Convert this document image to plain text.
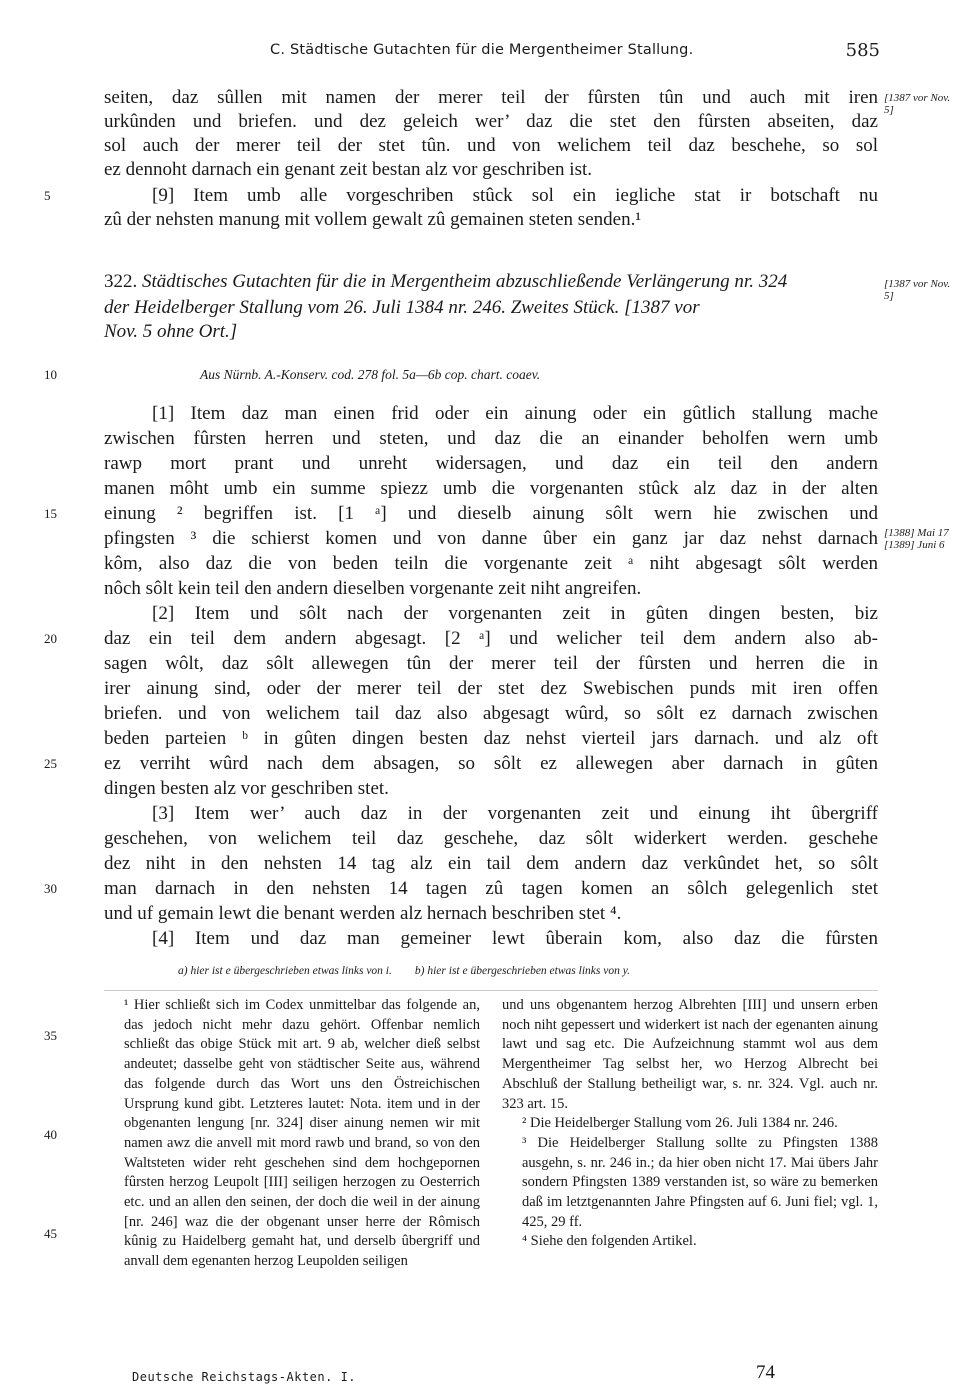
C. Städtische Gutachten für die Mergentheimer Stallung.	585
seiten, daz sûllen mit namen der merer teil der fûrsten tûn und auch mit iren
urkûnden und briefen. und dez geleich wer’ daz die stet den fûrsten abseiten, daz
sol auch der merer teil der stet tûn. und von welichem teil daz beschehe, so sol
ez dennoht darnach ein genant zeit bestan alz vor geschriben ist.
[9] Item umb alle vorgeschriben stûck sol ein iegliche stat ir botschaft nu
zû der nehsten manung mit vollem gewalt zû gemainen steten senden.¹
322. Städtisches Gutachten für die in Mergentheim abzuschließende Verlängerung nr. 324
der Heidelberger Stallung vom 26. Juli 1384 nr. 246. Zweites Stück. [1387 vor
Nov. 5 ohne Ort.]
Aus Nürnb. A.-Konserv. cod. 278 fol. 5a—6b cop. chart. coaev.
[1] Item daz man einen frid oder ein ainung oder ein gûtlich stallung mache
zwischen fûrsten herren und steten, und daz die an einander beholfen wern umb
rawp mort prant und unreht widersagen, und daz ein teil den andern
manen môht umb ein summe spiezz umb die vorgenanten stûck alz daz in der alten
einung ² begriffen ist. [1 ᵃ] und dieselb ainung sôlt wern hie zwischen und
pfingsten ³ die schierst komen und von danne ûber ein ganz jar daz nehst darnach
kôm, also daz die von beden teiln die vorgenante zeit ᵃ niht abgesagt sôlt werden
nôch sôlt kein teil den andern dieselben vorgenante zeit niht angreifen.
[2] Item und sôlt nach der vorgenanten zeit in gûten dingen besten, biz
daz ein teil dem andern abgesagt. [2 ᵃ] und welicher teil dem andern also ab-
sagen wôlt, daz sôlt allewegen tûn der merer teil der fûrsten und herren die in
irer ainung sind, oder der merer teil der stet dez Swebischen punds mit iren offen
briefen. und von welichem tail daz also abgesagt wûrd, so sôlt ez darnach zwischen
beden parteien ᵇ in gûten dingen besten daz nehst vierteil jars darnach. und alz oft
ez verriht wûrd nach dem absagen, so sôlt ez allewegen aber darnach in gûten
dingen besten alz vor geschriben stet.
[3] Item wer’ auch daz in der vorgenanten zeit und einung iht ûbergriff
geschehen, von welichem teil daz geschehe, daz sôlt widerkert werden. geschehe
dez niht in den nehsten 14 tag alz ein tail dem andern daz verkûndet het, so sôlt
man darnach in den nehsten 14 tagen zû tagen komen an sôlch gelegenlich stet
und uf gemain lewt die benant werden alz hernach beschriben stet ⁴.
[4] Item und daz man gemeiner lewt ûberain kom, also daz die fûrsten
5
10
15
20
25
30
35
40
45
[1387 vor Nov. 5]
[1387 vor Nov. 5]
[1388] Mai 17 [1389] Juni 6
a) hier ist e übergeschrieben etwas links von i. b) hier ist e übergeschrieben etwas links von y.

¹ Hier schließt sich im Codex unmittelbar das folgende an, das jedoch nicht mehr dazu gehört. Offenbar nemlich schließt das obige Stück mit art. 9 ab, welcher dieß selbst andeutet; dasselbe geht von städtischer Seite aus, während das folgende durch das Wort uns den Östreichischen Ursprung kund gibt. Letzteres lautet: Nota. item und in der obgenanten lengung [nr. 324] diser ainung nemen wir mit namen awz die anvell mit mord rawb und brand, so von den Waltsteten wider reht geschehen sind dem hochgepornen fûrsten herzog Leupolt [III] seiligen herzogen zu Oesterrich etc. und an allen den seinen, der doch die weil in der ainung [nr. 246] waz die der obgenant unser herre der Rômisch kûnig zu Haidelberg gemaht hat, und derselb ûbergriff und anvall dem egenanten herzog Leupolden seiligen

und uns obgenantem herzog Albrehten [III] und unsern erben noch niht gepessert und widerkert ist nach der egenanten ainung lawt und sag etc. Die Aufzeichnung stammt wol aus dem Mergentheimer Tag selbst her, wo Herzog Albrecht bei Abschluß der Stallung betheiligt war, s. nr. 324. Vgl. auch nr. 323 art. 15.

² Die Heidelberger Stallung vom 26. Juli 1384 nr. 246.

³ Die Heidelberger Stallung sollte zu Pfingsten 1388 ausgehn, s. nr. 246 in.; da hier oben nicht 17. Mai übers Jahr sondern Pfingsten 1389 verstanden ist, so wäre zu bemerken daß im letztgenannten Jahre Pfingsten auf 6. Juni fiel; vgl. 1, 425, 29 ff.

⁴ Siehe den folgenden Artikel.

Deutsche Reichstags-Akten. I.	74
